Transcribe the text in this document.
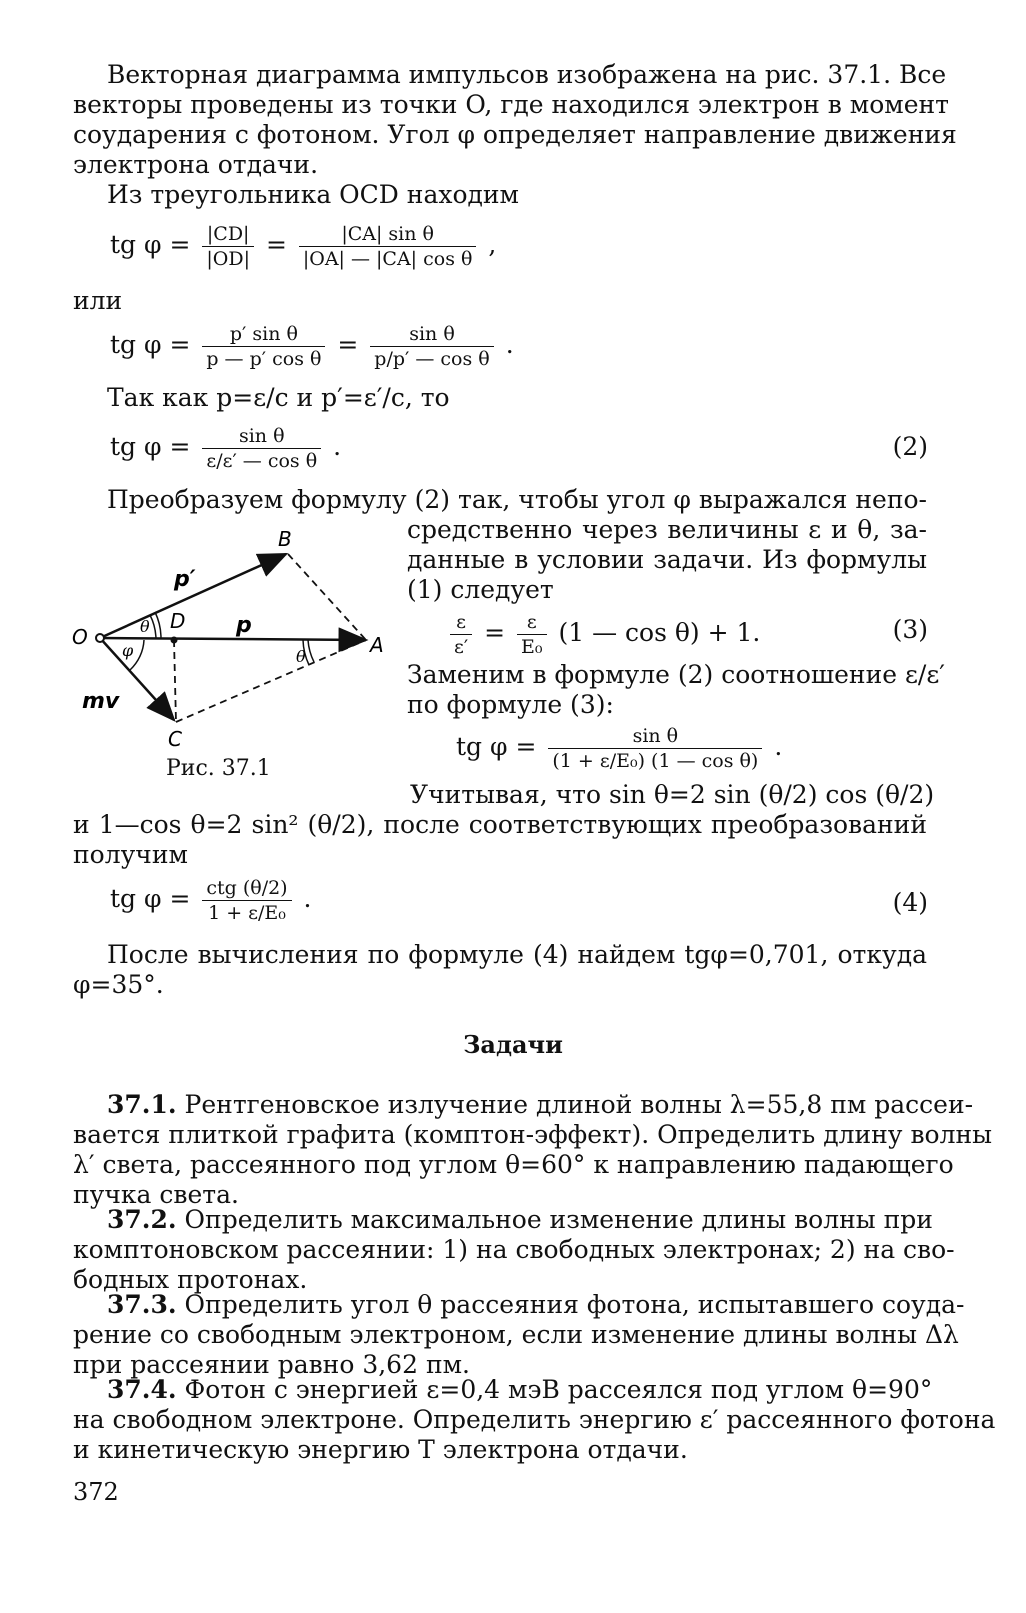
Векторная диаграмма импульсов изображена на рис. 37.1. Все
векторы проведены из точки O, где находился электрон в момент
соударения с фотоном. Угол φ определяет направление движения
электрона отдачи.
Из треугольника OCD находим
tg $\varphi = \frac{|CD|}{|OD|} = \frac{\text{|CA| sin θ}}{\text{|OA| — |CA| cos θ}}$ ,
или
tg $\varphi = \frac{\text{p′ sin θ}}{\text{p — p′ cos θ}} = \frac{\text{sin θ}}{\text{p/p′ — cos θ}}$ .
Так как p=ε/c и p′=ε′/c, то
tg $\varphi = \frac{\text{sin θ}}{\text{ε/ε′ — cos θ}}$ .	(2)
Преобразуем формулу (2) так, чтобы угол φ выражался непо-
средственно через величины ε и θ, за-
данные в условии задачи. Из формулы
(1) следует
$\frac{\varepsilon}{\varepsilon'} = \frac{\varepsilon}{\text{E₀}} (1$ — cos θ) + 1.	(3)
Заменим в формуле (2) соотношение ε/ε′
по формуле (3):
tg $\varphi = \frac{\text{sin θ}}{\text{(1 + ε/E₀) (1 — cos θ)}}$ .
Учитывая, что sin θ=2 sin (θ/2) cos (θ/2)
и 1—cos θ=2 sin² (θ/2), после соответствующих преобразований
получим
tg $\varphi = \frac{\text{ctg (θ/2)}}{\text{1 + ε/E₀}}$ .	(4)
После вычисления по формуле (4) найдем tgφ=0,701, откуда
φ=35°.
O	A
B
C
D p
p′
mv
θ
θ
φ
Рис. 37.1
Задачи
37.1. Рентгеновское излучение длиной волны λ=55,8 пм рассеи-
вается плиткой графита (комптон-эффект). Определить длину волны
λ′ света, рассеянного под углом θ=60° к направлению падающего
пучка света.
37.2. Определить максимальное изменение длины волны при
комптоновском рассеянии: 1) на свободных электронах; 2) на сво-
бодных протонах.
37.3. Определить угол θ рассеяния фотона, испытавшего соуда-
рение со свободным электроном, если изменение длины волны Δλ
при рассеянии равно 3,62 пм.
37.4. Фотон с энергией ε=0,4 мэВ рассеялся под углом θ=90°
на свободном электроне. Определить энергию ε′ рассеянного фотона
и кинетическую энергию T электрона отдачи.
372
